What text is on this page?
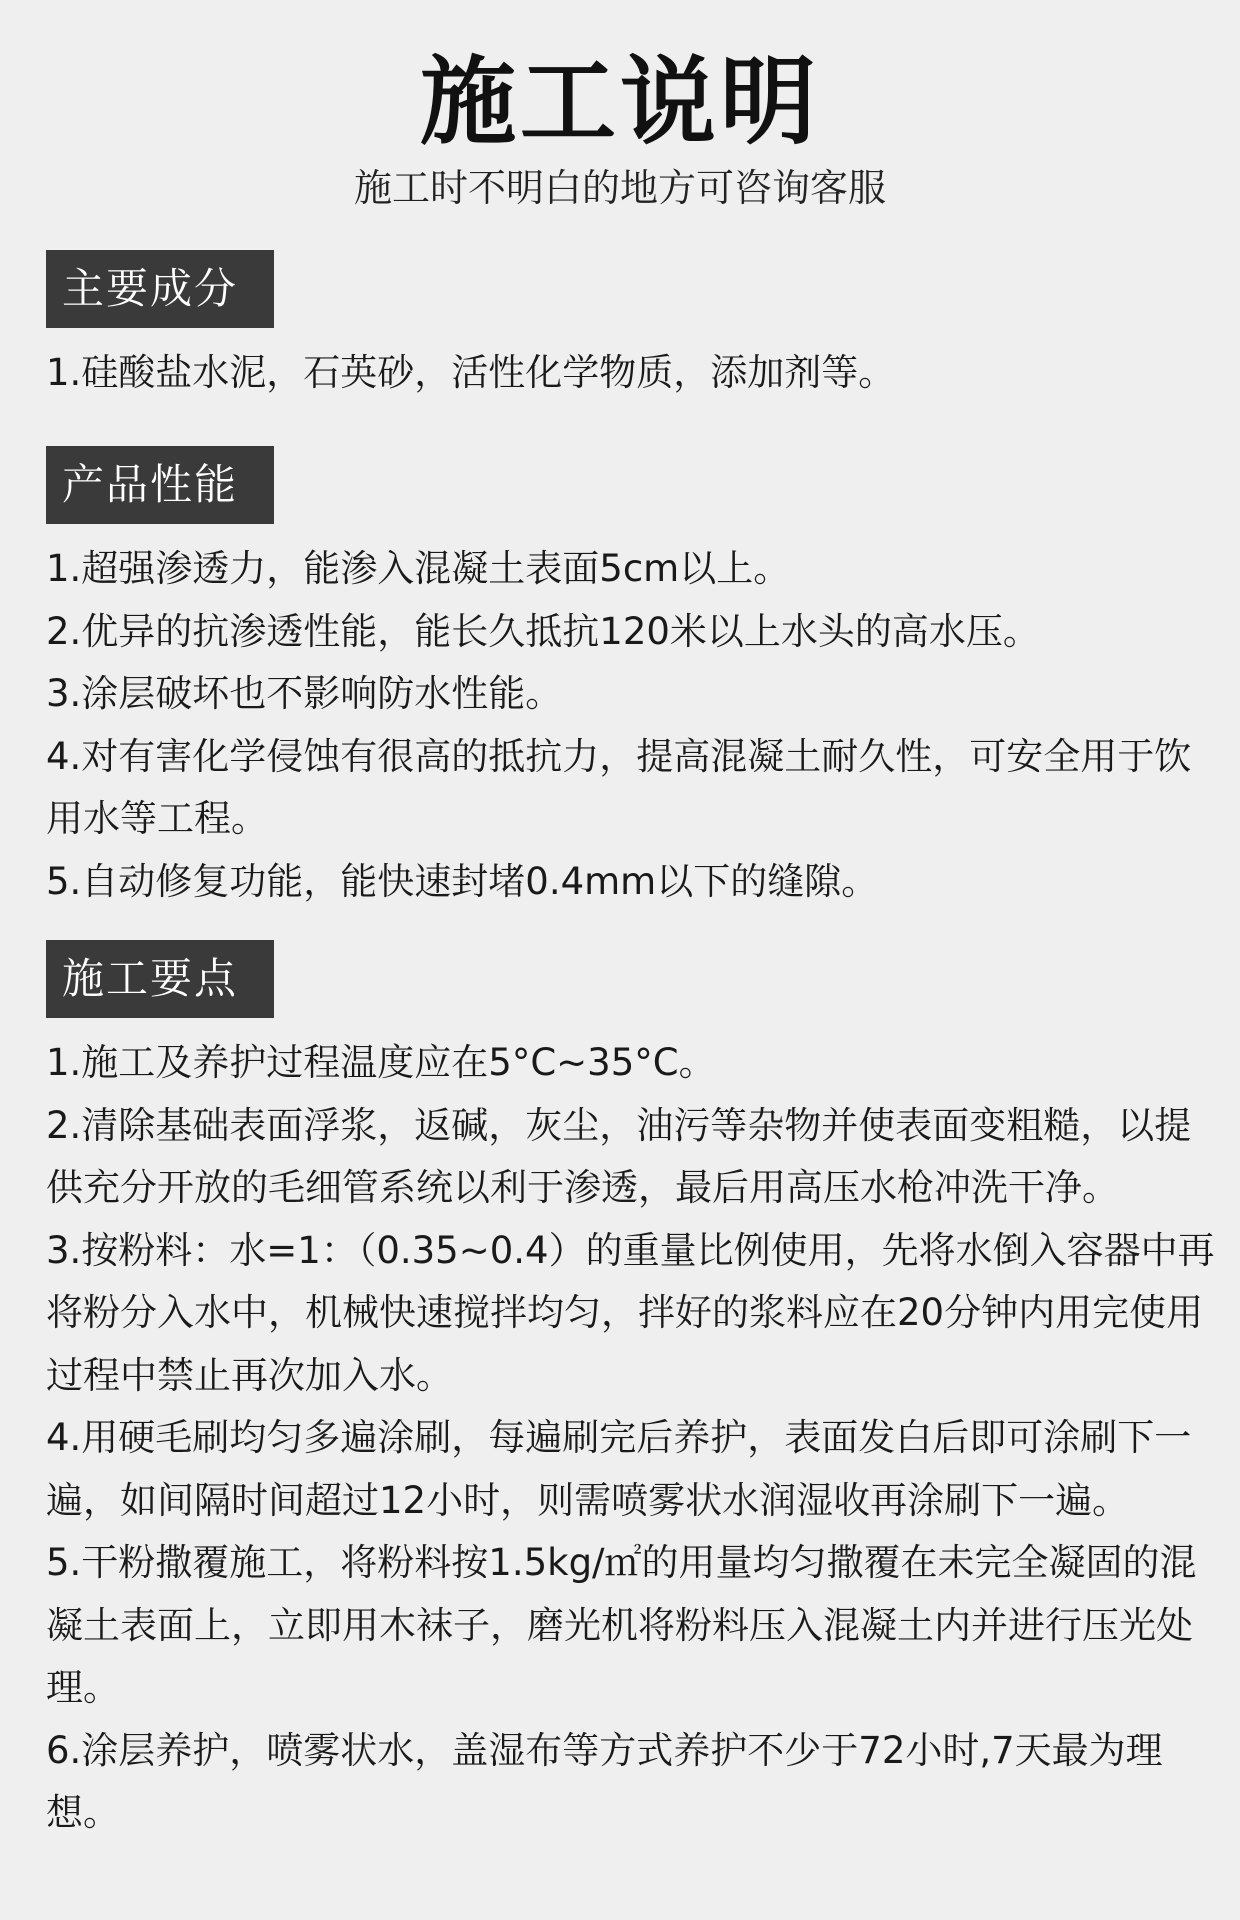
施工说明
施工时不明白的地方可咨询客服
主要成分

1.硅酸盐水泥，石英砂，活性化学物质，添加剂等。

产品性能

1.超强渗透力，能渗入混凝土表面5cm以上。

2.优异的抗渗透性能，能长久抵抗120米以上水头的高水压。

3.涂层破坏也不影响防水性能。

4.对有害化学侵蚀有很高的抵抗力，提高混凝土耐久性，可安全用于饮用水等工程。

5.自动修复功能，能快速封堵0.4mm以下的缝隙。

施工要点

1.施工及养护过程温度应在5°C~35°C。

2.清除基础表面浮浆，返碱，灰尘，油污等杂物并使表面变粗糙，以提供充分开放的毛细管系统以利于渗透，最后用高压水枪冲洗干净。

3.按粉料：水=1：（0.35~0.4）的重量比例使用，先将水倒入容器中再将粉分入水中，机械快速搅拌均匀，拌好的浆料应在20分钟内用完使用过程中禁止再次加入水。

4.用硬毛刷均匀多遍涂刷，每遍刷完后养护，表面发白后即可涂刷下一遍，如间隔时间超过12小时，则需喷雾状水润湿收再涂刷下一遍。

5.干粉撒覆施工，将粉料按1.5kg/㎡的用量均匀撒覆在未完全凝固的混凝土表面上，立即用木袜子，磨光机将粉料压入混凝土内并进行压光处理。

6.涂层养护，喷雾状水，盖湿布等方式养护不少于72小时,7天最为理想。
